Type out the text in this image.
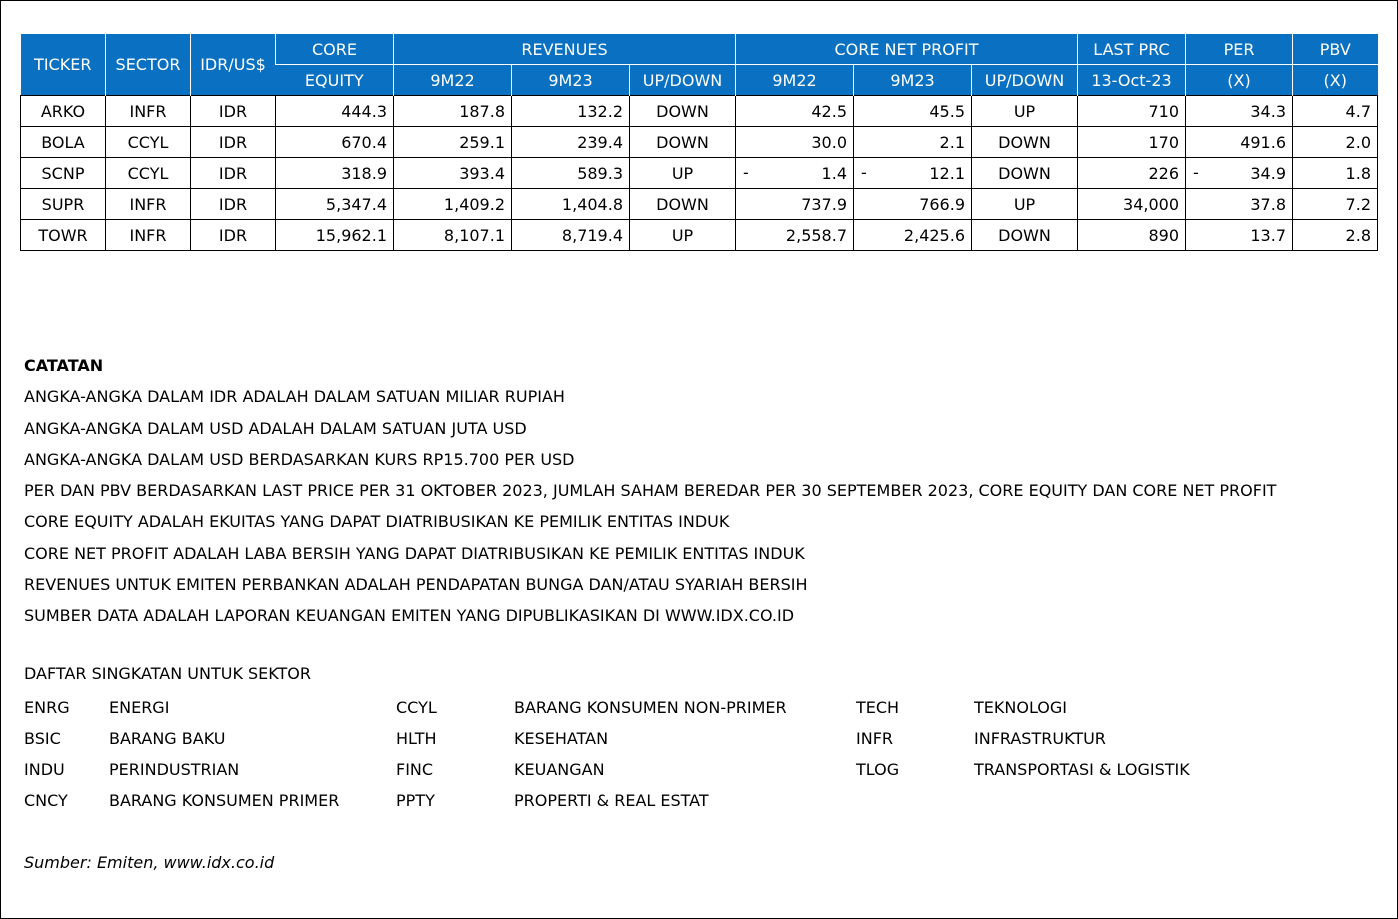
TICKER	SECTOR	IDR/US$	CORE	REVENUES			CORE NET PROFIT			LAST PRC	PER	PBV
			EQUITY	9M22	9M23	UP/DOWN	9M22	9M23	UP/DOWN	13-Oct-23	(X)	(X)
ARKO	INFR	IDR	444.3	187.8	132.2	DOWN	42.5	45.5	UP	710	34.3	4.7
BOLA	CCYL	IDR	670.4	259.1	239.4	DOWN	30.0	2.1	DOWN	170	491.6	2.0
SCNP	CCYL	IDR	318.9	393.4	589.3	UP	- 1.4	- 12.1	DOWN	226	- 34.9	1.8
SUPR	INFR	IDR	5,347.4	1,409.2	1,404.8	DOWN	737.9	766.9	UP	34,000	37.8	7.2
TOWR	INFR	IDR	15,962.1	8,107.1	8,719.4	UP	2,558.7	2,425.6	DOWN	890	13.7	2.8
CATATAN
ANGKA-ANGKA DALAM IDR ADALAH DALAM SATUAN MILIAR RUPIAH
ANGKA-ANGKA DALAM USD ADALAH DALAM SATUAN JUTA USD
ANGKA-ANGKA DALAM USD BERDASARKAN KURS RP15.700 PER USD
PER DAN PBV BERDASARKAN LAST PRICE PER 31 OKTOBER 2023, JUMLAH SAHAM BEREDAR PER 30 SEPTEMBER 2023, CORE EQUITY DAN CORE NET PROFIT
CORE EQUITY ADALAH EKUITAS YANG DAPAT DIATRIBUSIKAN KE PEMILIK ENTITAS INDUK
CORE NET PROFIT ADALAH LABA BERSIH YANG DAPAT DIATRIBUSIKAN KE PEMILIK ENTITAS INDUK
REVENUES UNTUK EMITEN PERBANKAN ADALAH PENDAPATAN BUNGA DAN/ATAU SYARIAH BERSIH
SUMBER DATA ADALAH LAPORAN KEUANGAN EMITEN YANG DIPUBLIKASIKAN DI WWW.IDX.CO.ID
DAFTAR SINGKATAN UNTUK SEKTOR
ENRG ENERGI
BSIC	BARANG BAKU
INDU	PERINDUSTRIAN
CNCY	BARANG KONSUMEN PRIMER
CCYL	BARANG KONSUMEN NON-PRIMER
HLTH	KESEHATAN
FINC	KEUANGAN
PPTY	PROPERTI & REAL ESTAT
TECH	TEKNOLOGI
INFR	INFRASTRUKTUR
TLOG	TRANSPORTASI & LOGISTIK
Sumber: Emiten, www.idx.co.id
